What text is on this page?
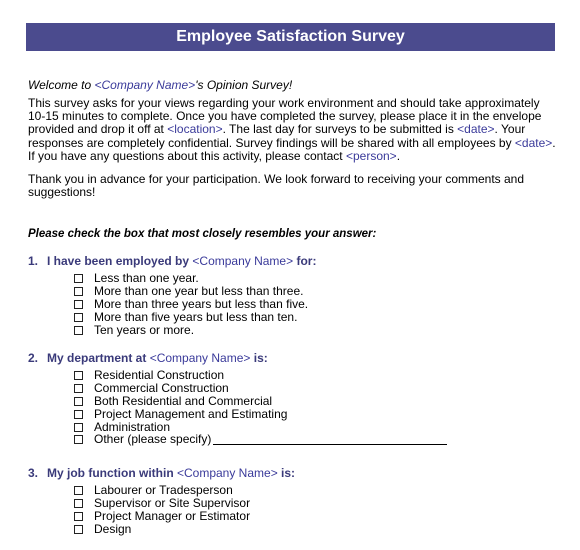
Employee Satisfaction Survey
Welcome to <Company Name>'s Opinion Survey!
This survey asks for your views regarding your work environment and should take approximately 10-15 minutes to complete. Once you have completed the survey, please place it in the envelope provided and drop it off at <location>. The last day for surveys to be submitted is <date>. Your responses are completely confidential. Survey findings will be shared with all employees by <date>. If you have any questions about this activity, please contact <person>.
Thank you in advance for your participation. We look forward to receiving your comments and suggestions!
Please check the box that most closely resembles your answer:
1. I have been employed by <Company Name> for:
Less than one year.
More than one year but less than three.
More than three years but less than five.
More than five years but less than ten.
Ten years or more.
2. My department at <Company Name> is:
Residential Construction
Commercial Construction
Both Residential and Commercial
Project Management and Estimating
Administration
Other (please specify)
3. My job function within <Company Name> is:
Labourer or Tradesperson
Supervisor or Site Supervisor
Project Manager or Estimator
Design
